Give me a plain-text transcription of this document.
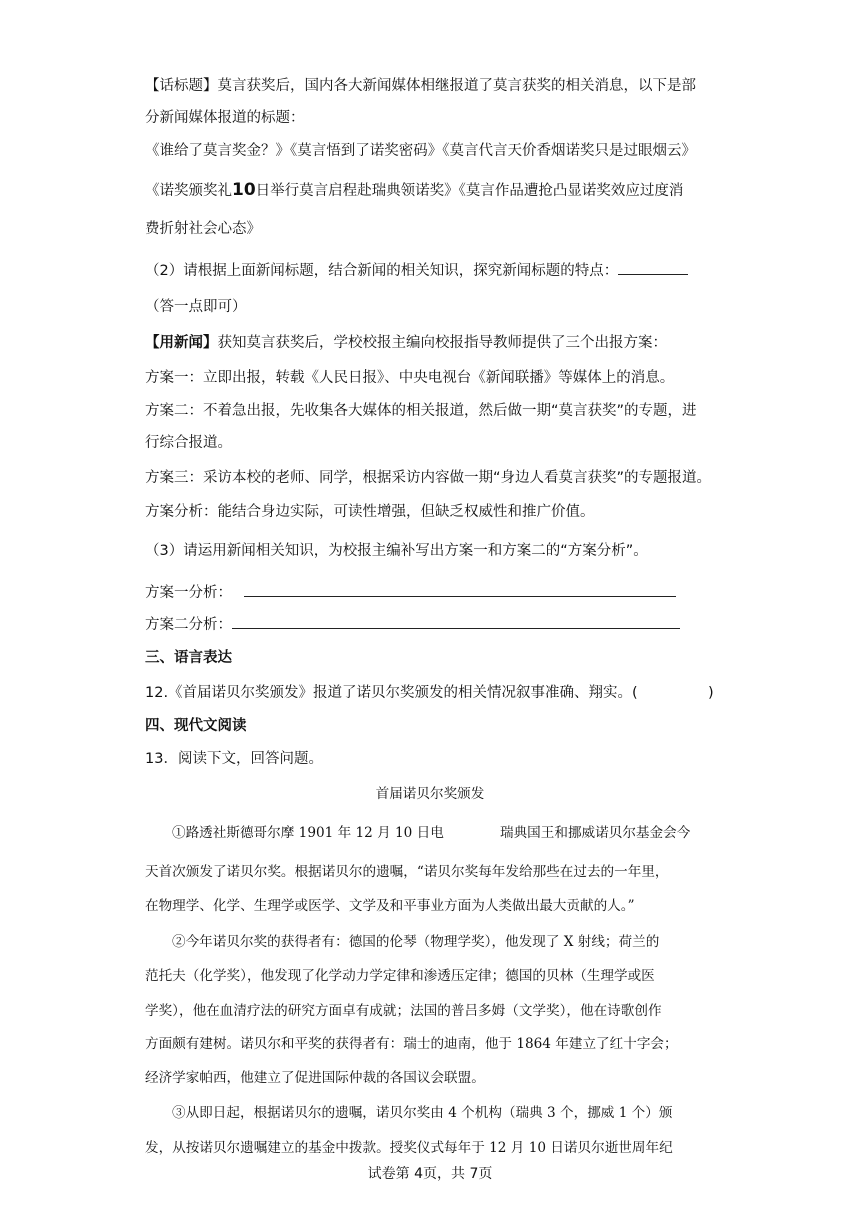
【话标题】莫言获奖后，国内各大新闻媒体相继报道了莫言获奖的相关消息，以下是部
分新闻媒体报道的标题：
《谁给了莫言奖金？》《莫言悟到了诺奖密码》《莫言代言天价香烟诺奖只是过眼烟云》
《诺奖颁奖礼10日举行莫言启程赴瑞典领诺奖》《莫言作品遭抢凸显诺奖效应过度消
费折射社会心态》
（2）请根据上面新闻标题，结合新闻的相关知识，探究新闻标题的特点：
（答一点即可）
【用新闻】获知莫言获奖后，学校校报主编向校报指导教师提供了三个出报方案：
方案一：立即出报，转载《人民日报》、中央电视台《新闻联播》等媒体上的消息。
方案二：不着急出报，先收集各大媒体的相关报道，然后做一期“莫言获奖”的专题，进
行综合报道。
方案三：采访本校的老师、同学，根据采访内容做一期“身边人看莫言获奖”的专题报道。
方案分析：能结合身边实际，可读性增强，但缺乏权威性和推广价值。
（3）请运用新闻相关知识，为校报主编补写出方案一和方案二的“方案分析”。
方案一分析：
方案二分析：
三、语言表达
12.《首届诺贝尔奖颁发》报道了诺贝尔奖颁发的相关情况叙事准确、翔实。(	)
四、现代文阅读
13．阅读下文，回答问题。
首届诺贝尔奖颁发
①路透社斯德哥尔摩 1901 年 12 月 10 日电	瑞典国王和挪威诺贝尔基金会今
天首次颁发了诺贝尔奖。根据诺贝尔的遗嘱，“诺贝尔奖每年发给那些在过去的一年里，
在物理学、化学、生理学或医学、文学及和平事业方面为人类做出最大贡献的人。”
②今年诺贝尔奖的获得者有：德国的伦琴（物理学奖），他发现了 X 射线；荷兰的
范托夫（化学奖），他发现了化学动力学定律和渗透压定律；德国的贝林（生理学或医
学奖），他在血清疗法的研究方面卓有成就；法国的普吕多姆（文学奖），他在诗歌创作
方面颇有建树。诺贝尔和平奖的获得者有：瑞士的迪南，他于 1864 年建立了红十字会；
经济学家帕西，他建立了促进国际仲裁的各国议会联盟。
③从即日起，根据诺贝尔的遗嘱，诺贝尔奖由 4 个机构（瑞典 3 个，挪威 1 个）颁
发，从按诺贝尔遗嘱建立的基金中拨款。授奖仪式每年于 12 月 10 日诺贝尔逝世周年纪
试卷第 4页，共 7页
